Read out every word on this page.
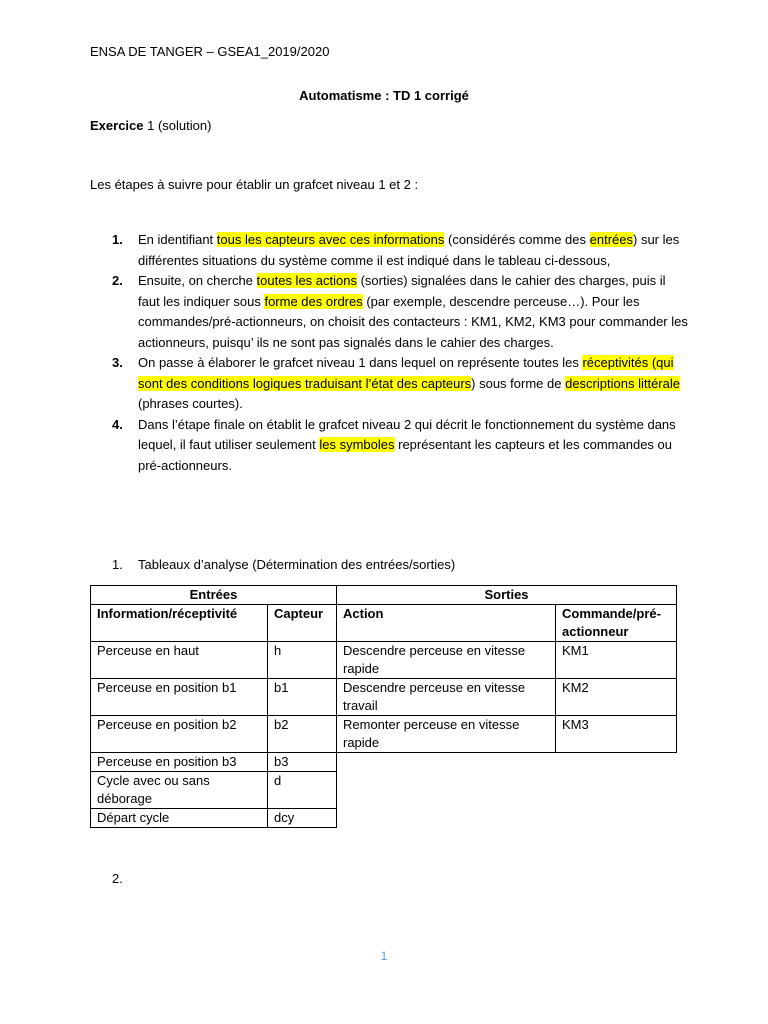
ENSA DE TANGER – GSEA1_2019/2020
Automatisme : TD 1 corrigé
Exercice 1 (solution)
Les étapes à suivre pour établir un grafcet niveau 1 et 2 :
1. En identifiant tous les capteurs avec ces informations (considérés comme des entrées) sur les différentes situations du système comme il est indiqué dans le tableau ci-dessous,
2. Ensuite, on cherche toutes les actions (sorties) signalées dans le cahier des charges, puis il faut les indiquer sous forme des ordres (par exemple, descendre perceuse…). Pour les commandes/pré-actionneurs, on choisit des contacteurs : KM1, KM2, KM3 pour commander les actionneurs, puisqu’ ils ne sont pas signalés dans le cahier des charges.
3. On passe à élaborer le grafcet niveau 1 dans lequel on représente toutes les réceptivités (qui sont des conditions logiques traduisant l’état des capteurs) sous forme de descriptions littérale (phrases courtes).
4. Dans l’étape finale on établit le grafcet niveau 2 qui décrit le fonctionnement du système dans lequel, il faut utiliser seulement les symboles représentant les capteurs et les commandes ou pré-actionneurs.
1. Tableaux d’analyse (Détermination des entrées/sorties)
Entrées		Sorties	
Information/réceptivité	Capteur	Action	Commande/pré-actionneur
Perceuse en haut	h	Descendre perceuse en vitesse rapide	KM1
Perceuse en position b1	b1	Descendre perceuse en vitesse travail	KM2
Perceuse en position b2	b2	Remonter perceuse en vitesse rapide	KM3
Perceuse en position b3	b3		
Cycle avec ou sans déborage	d		
Départ cycle	dcy		
2.
1
